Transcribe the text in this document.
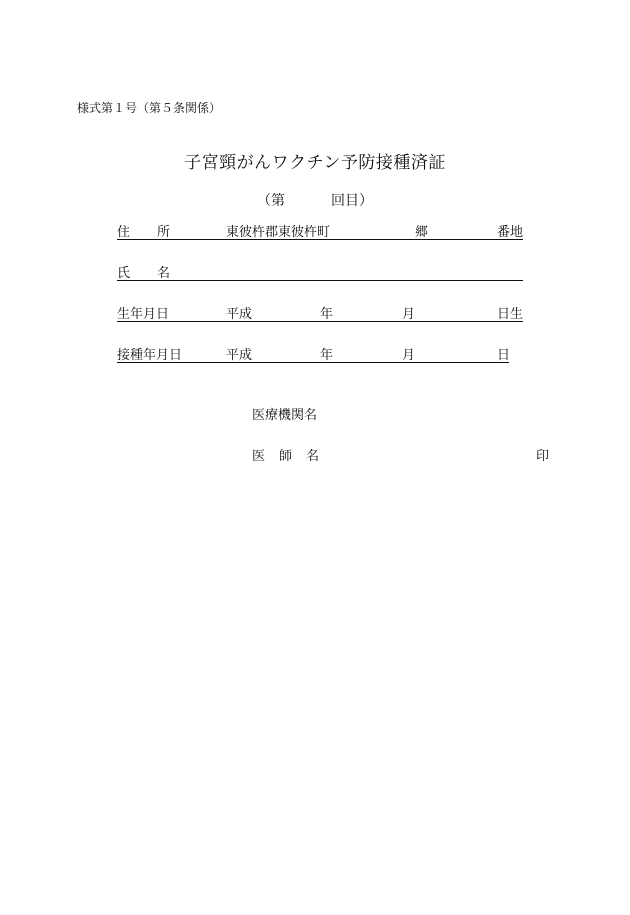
様式第１号（第５条関係）
子宮頸がんワクチン予防接種済証
（第	回目）
住 所	東彼杵郡東彼杵町	郷	番地
氏 名
生年月日	平成	年	月	日生
接種年月日	平成	年	月	日
医療機関名
医 師 名	印
